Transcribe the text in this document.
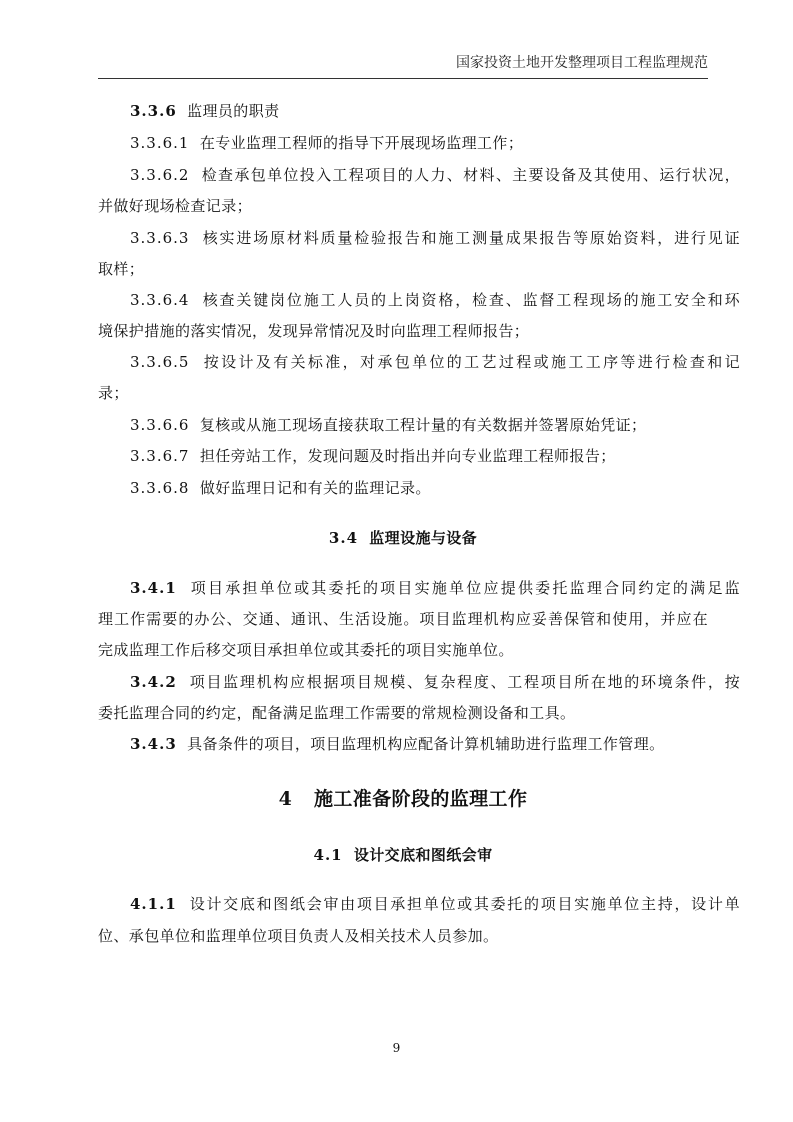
国家投资土地开发整理项目工程监理规范
3.3.6 监理员的职责
3.3.6.1 在专业监理工程师的指导下开展现场监理工作；
3.3.6.2 检查承包单位投入工程项目的人力、材料、主要设备及其使用、运行状况，
并做好现场检查记录；
3.3.6.3 核实进场原材料质量检验报告和施工测量成果报告等原始资料，进行见证
取样；
3.3.6.4 核查关键岗位施工人员的上岗资格，检查、监督工程现场的施工安全和环
境保护措施的落实情况，发现异常情况及时向监理工程师报告；
3.3.6.5 按设计及有关标准，对承包单位的工艺过程或施工工序等进行检查和记
录；
3.3.6.6 复核或从施工现场直接获取工程计量的有关数据并签署原始凭证；
3.3.6.7 担任旁站工作，发现问题及时指出并向专业监理工程师报告；
3.3.6.8 做好监理日记和有关的监理记录。
3.4 监理设施与设备
3.4.1 项目承担单位或其委托的项目实施单位应提供委托监理合同约定的满足监
理工作需要的办公、交通、通讯、生活设施。项目监理机构应妥善保管和使用，并应在
完成监理工作后移交项目承担单位或其委托的项目实施单位。
3.4.2 项目监理机构应根据项目规模、复杂程度、工程项目所在地的环境条件，按
委托监理合同的约定，配备满足监理工作需要的常规检测设备和工具。
3.4.3 具备条件的项目，项目监理机构应配备计算机辅助进行监理工作管理。
4 施工准备阶段的监理工作
4.1 设计交底和图纸会审
4.1.1 设计交底和图纸会审由项目承担单位或其委托的项目实施单位主持，设计单
位、承包单位和监理单位项目负责人及相关技术人员参加。
9
